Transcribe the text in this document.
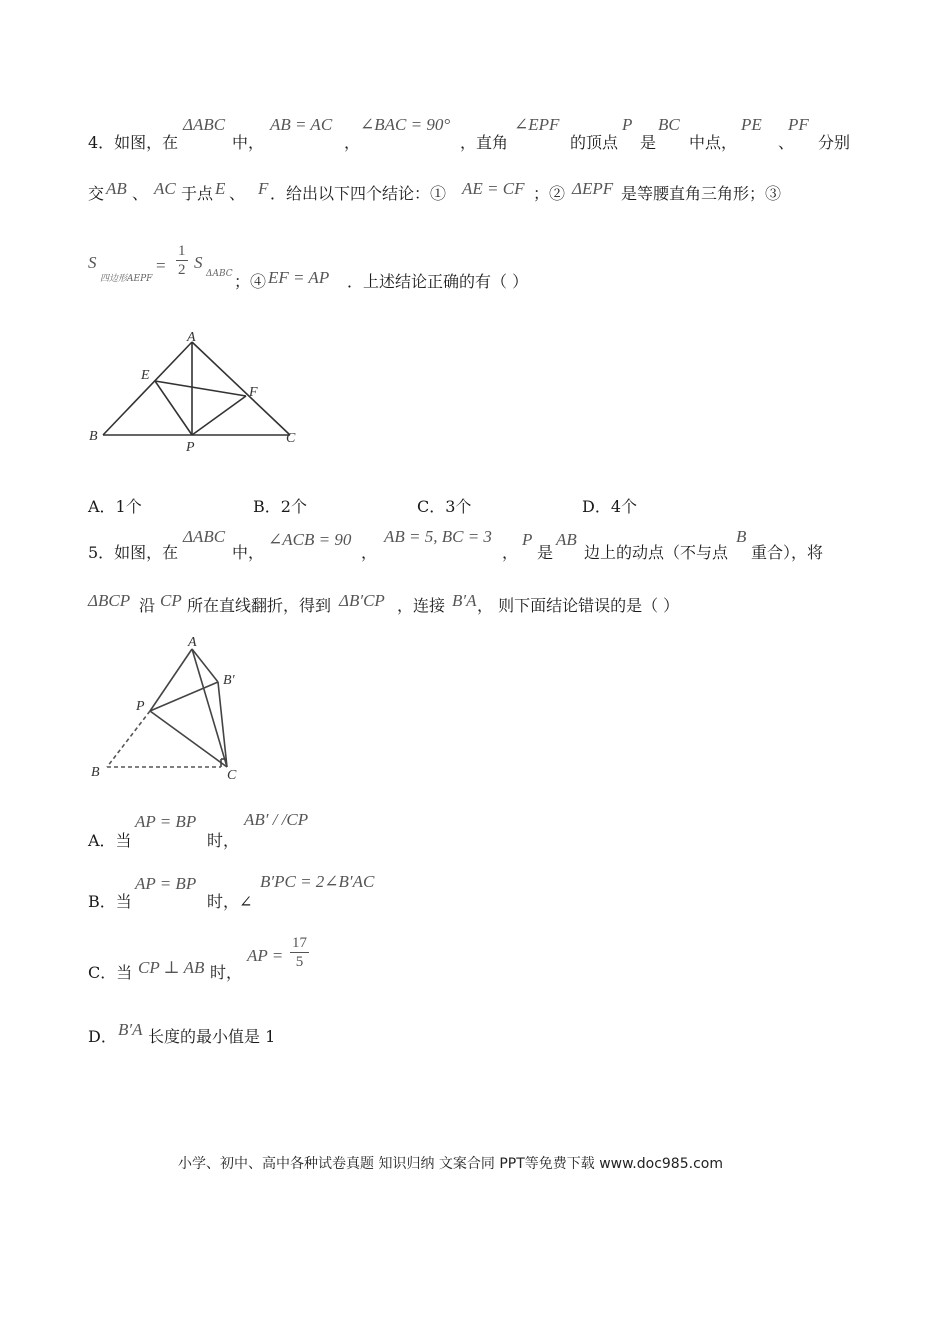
4．如图，在
ΔABC
中，
AB = AC
，
∠BAC = 90°
，直角
∠EPF
的顶点
P
是
BC
中点，
PE
、
PF
分别
交 AB 、 AC 于点 E 、 F ．给出以下四个结论：① AE = CF ；② ΔEPF 是等腰直角三角形；③
S
四边形AEPF
= $\frac{1}{2}$ S
ΔABC ；④ EF = AP ．上述结论正确的有（ ）
A
B	C
E
F
P
A．1个	B．2个	C．3个	D．4个
5．如图，在
ΔABC
中，
∠ACB = 90
，
AB = 5, BC = 3
，
P
是
AB
边上的动点（不与点
B
重合），将
ΔBCP 沿 CP 所在直线翻折，得到 ΔB′CP ，连接 B′A ， 则下面结论错误的是（ ）
A
B	C
P
B′
A．当
AP = BP
时，
AB′ / /CP
B．当
AP = BP
时，∠
B′PC = 2∠B′AC
C．当 CP ⊥ AB 时，
AP = $\frac{17}{5}$
D． B′A 长度的最小值是 1
小学、初中、高中各种试卷真题 知识归纳 文案合同 PPT等免费下载 www.doc985.com
